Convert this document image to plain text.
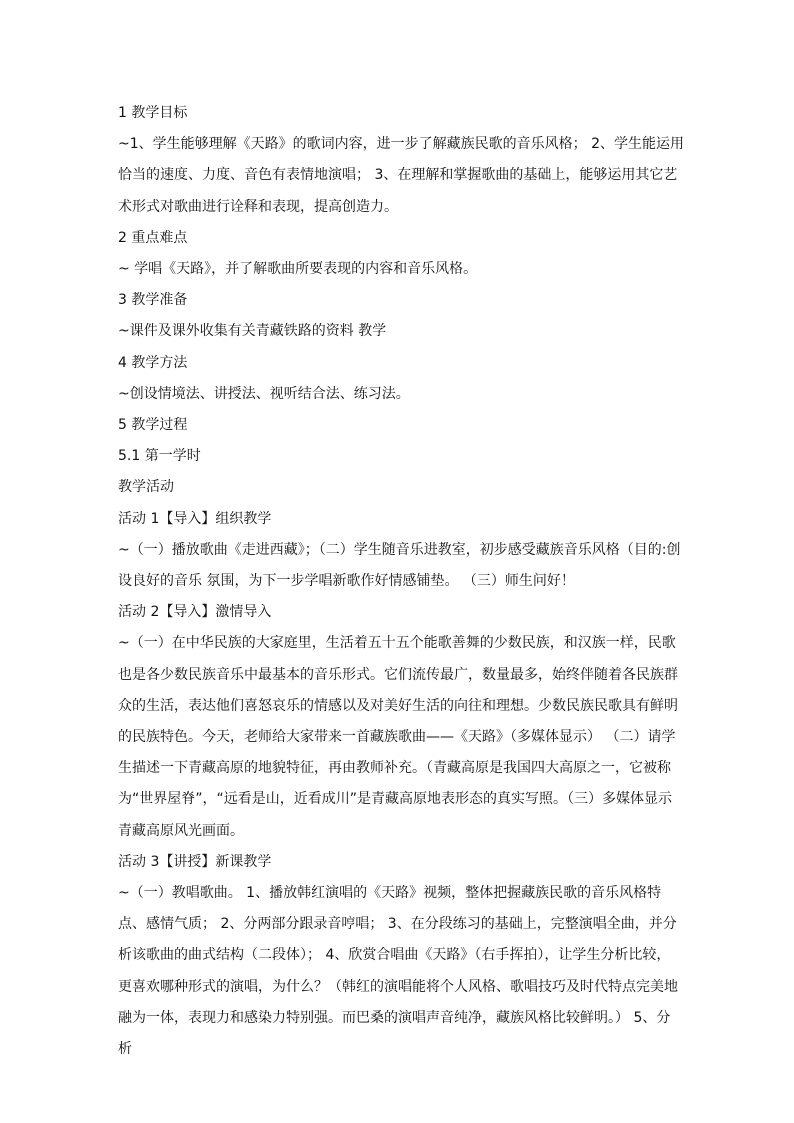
1 教学目标

~1、学生能够理解《天路》的歌词内容，进一步了解藏族民歌的音乐风格； 2、学生能运用恰当的速度、力度、音色有表情地演唱； 3、在理解和掌握歌曲的基础上，能够运用其它艺术形式对歌曲进行诠释和表现，提高创造力。

2 重点难点

~ 学唱《天路》，并了解歌曲所要表现的内容和音乐风格。

3 教学准备

~课件及课外收集有关青藏铁路的资料 教学

4 教学方法

~创设情境法、讲授法、视听结合法、练习法。

5 教学过程

5.1 第一学时

教学活动

活动 1【导入】组织教学

~（一）播放歌曲《走进西藏》；（二）学生随音乐进教室，初步感受藏族音乐风格（目的:创设良好的音乐 氛围，为下一步学唱新歌作好情感铺垫。 （三）师生问好！

活动 2【导入】激情导入

~（一）在中华民族的大家庭里，生活着五十五个能歌善舞的少数民族，和汉族一样，民歌也是各少数民族音乐中最基本的音乐形式。它们流传最广，数量最多，始终伴随着各民族群众的生活，表达他们喜怒哀乐的情感以及对美好生活的向往和理想。少数民族民歌具有鲜明的民族特色。今天，老师给大家带来一首藏族歌曲——《天路》（多媒体显示） （二）请学生描述一下青藏高原的地貌特征，再由教师补充。（青藏高原是我国四大高原之一，它被称为“世界屋脊”，“远看是山，近看成川”是青藏高原地表形态的真实写照。（三）多媒体显示青藏高原风光画面。

活动 3【讲授】新课教学

~（一）教唱歌曲。 1、播放韩红演唱的《天路》视频，整体把握藏族民歌的音乐风格特点、感情气质； 2、分两部分跟录音哼唱； 3、在分段练习的基础上，完整演唱全曲，并分析该歌曲的曲式结构（二段体）； 4、欣赏合唱曲《天路》（右手挥拍），让学生分析比较，更喜欢哪种形式的演唱，为什么？（韩红的演唱能将个人风格、歌唱技巧及时代特点完美地融为一体，表现力和感染力特别强。而巴桑的演唱声音纯净，藏族风格比较鲜明。） 5、分析
